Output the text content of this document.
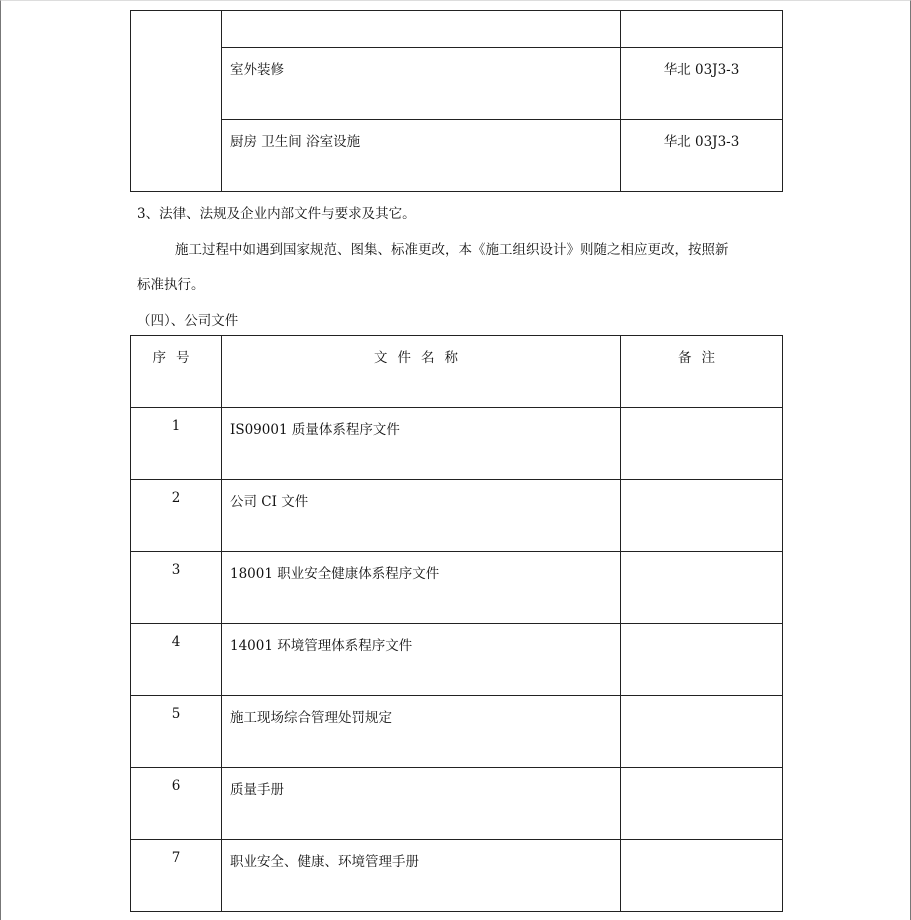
	室外装修	华北 03J3-3

	厨房 卫生间 浴室设施	华北 03J3-3

3、法律、法规及企业内部文件与要求及其它。

施工过程中如遇到国家规范、图集、标准更改，本《施工组织设计》则随之相应更改，按照新

标准执行。

（四）、公司文件

序号	文件名称	备注

1	IS09001 质量体系程序文件	

2	公司 CI 文件	

3	18001 职业安全健康体系程序文件	

4	14001 环境管理体系程序文件	

5	施工现场综合管理处罚规定	

6	质量手册	

7	职业安全、健康、环境管理手册	
